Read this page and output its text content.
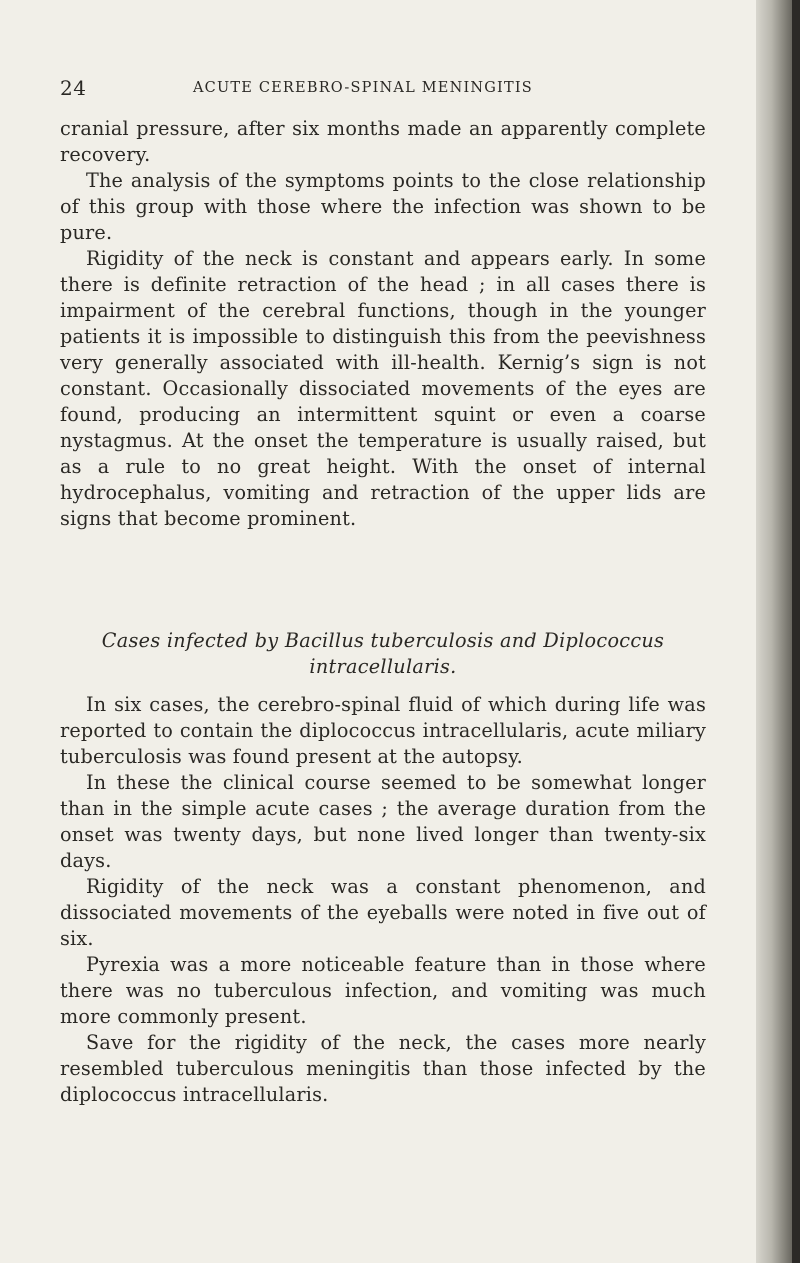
24	ACUTE CEREBRO-SPINAL MENINGITIS

cranial pressure, after six months made an apparently complete recovery.

The analysis of the symptoms points to the close relationship of this group with those where the infection was shown to be pure.

Rigidity of the neck is constant and appears early. In some there is definite retraction of the head ; in all cases there is impairment of the cerebral functions, though in the younger patients it is impossible to distinguish this from the peevishness very generally associated with ill-health. Kernig’s sign is not constant. Occasionally dissociated movements of the eyes are found, producing an intermittent squint or even a coarse nystagmus. At the onset the temperature is usually raised, but as a rule to no great height. With the onset of internal hydrocephalus, vomiting and retraction of the upper lids are signs that become prominent.

Cases infected by Bacillus tuberculosis and Diplococcus
intracellularis.

In six cases, the cerebro-spinal fluid of which during life was reported to contain the diplococcus intracellularis, acute miliary tuberculosis was found present at the autopsy.

In these the clinical course seemed to be somewhat longer than in the simple acute cases ; the average duration from the onset was twenty days, but none lived longer than twenty-six days.

Rigidity of the neck was a constant phenomenon, and dissociated movements of the eyeballs were noted in five out of six.

Pyrexia was a more noticeable feature than in those where there was no tuberculous infection, and vomiting was much more commonly present.

Save for the rigidity of the neck, the cases more nearly resembled tuberculous meningitis than those infected by the diplococcus intracellularis.
